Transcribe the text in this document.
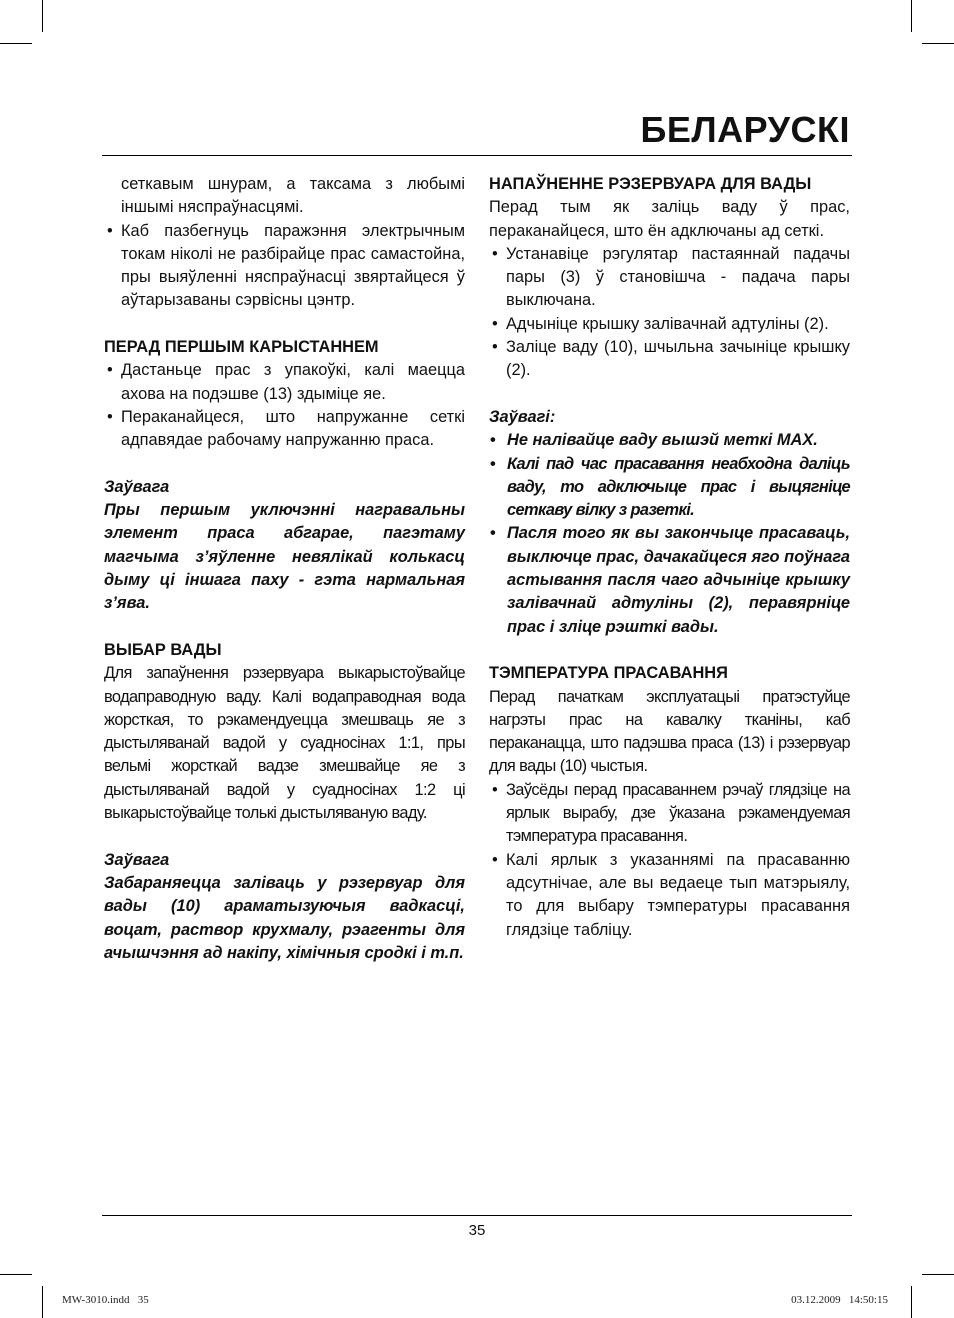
БЕЛАРУСКІ

сеткавым шнурам, а таксама з любымі іншымі няспраўнасцямі.

• Каб пазбегнуць паражэння электрычным токам ніколі не разбірайце прас самастойна, пры выяўленні няспраўнасці звяртайцеся ў аўтарызаваны сэрвісны цэнтр.

ПЕРАД ПЕРШЫМ КАРЫСТАННЕМ

• Дастаньце прас з упакоўкі, калі маецца ахова на подэшве (13) здыміце яе.
• Пераканайцеся, што напружанне сеткі адпавядае рабочаму напружанню праса.

Заўвага

Пры першым уключэнні награвальны элемент праса абгарае, пагэтаму магчыма з’яўленне невялікай колькасц дыму ці іншага паху - гэта нармальная з’ява.

ВЫБАР ВАДЫ

Для запаўнення рэзервуара выкарыстоўвайце водаправодную ваду. Калі водаправодная вода жорсткая, то рэкамендуецца змешваць яе з дыстыляванай вадой у суадносінах 1:1, пры вельмі жорсткай вадзе змешвайце яе з дыстыляванай вадой у суадносінах 1:2 ці выкарыстоўвайце толькі дыстыляваную ваду.

Заўвага

Забараняецца заліваць у рэзервуар для вады (10) араматызуючыя вадкасці, воцат, раствор крухмалу, рэагенты для ачышчэння ад накіпу, хімічныя сродкі і т.п.

НАПАЎНЕННЕ РЭЗЕРВУАРА ДЛЯ ВАДЫ

Перад тым як заліць ваду ў прас, пераканайцеся, што ён адключаны ад сеткі.

• Устанавіце рэгулятар пастаяннай падачы пары (3) ў становішча - падача пары выключана.
• Адчыніце крышку залівачнай адтуліны (2).
• Заліце ваду (10), шчыльна зачыніце крышку (2).

Заўвагі:

• Не налівайце ваду вышэй меткі MAX.
• Калі пад час прасавання неабходна даліць ваду, то адключыце прас і выцягніце сеткаву вілку з разеткі.
• Пасля того як вы закончыце прасаваць, выключце прас, дачакайцеся яго поўнага астывання пасля чаго адчыніце крышку залівачнай адтуліны (2), перавярніце прас і зліце рэшткі вады.

ТЭМПЕРАТУРА ПРАСАВАННЯ

Перад пачаткам эксплуатацыі пратэстуйце нагрэты прас на кавалку тканіны, каб пераканацца, што падэшва праса (13) і рэзервуар для вады (10) чыстыя.

• Заўсёды перад прасаваннем рэчаў глядзіце на ярлык вырабу, дзе ўказана рэкамендуемая тэмпература прасавання.
• Калі ярлык з указаннямі па прасаванню адсутнічае, але вы ведаеце тып матэрыялу, то для выбару тэмпературы прасавання глядзіце табліцу.
35
MW-3010.indd   35	03.12.2009   14:50:15
